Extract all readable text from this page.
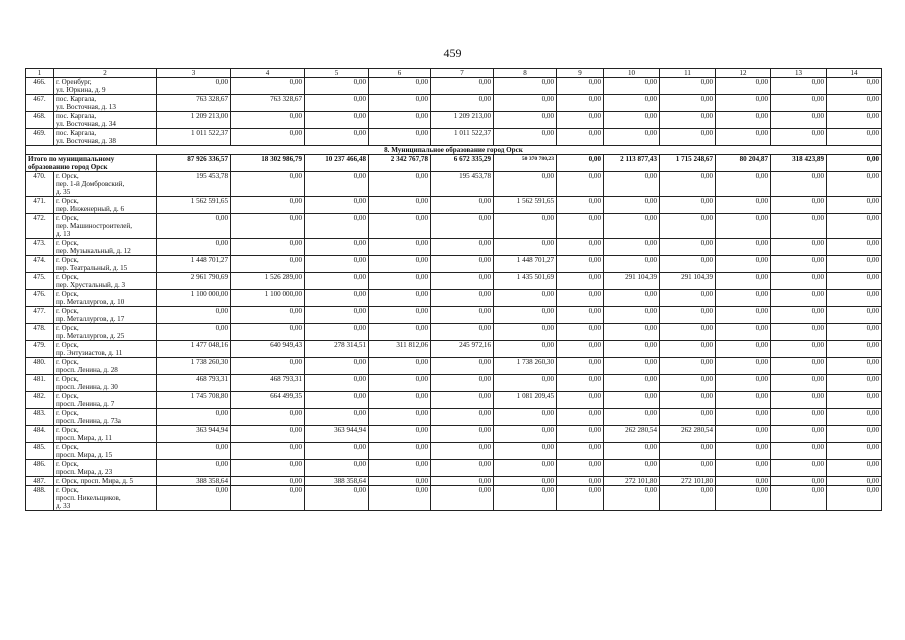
459
1	2	3	4	5	6	7	8	9	10	11	12	13	14
466.	г. Оренбург,
ул. Юркина, д. 9	0,00	0,00	0,00	0,00	0,00	0,00	0,00	0,00	0,00	0,00	0,00	0,00
467.	пос. Каргала,
ул. Восточная, д. 13	763 328,67	763 328,67	0,00	0,00	0,00	0,00	0,00	0,00	0,00	0,00	0,00	0,00
468.	пос. Каргала,
ул. Восточная, д. 34	1 209 213,00	0,00	0,00	0,00	1 209 213,00	0,00	0,00	0,00	0,00	0,00	0,00	0,00
469.	пос. Каргала,
ул. Восточная, д. 38	1 011 522,37	0,00	0,00	0,00	1 011 522,37	0,00	0,00	0,00	0,00	0,00	0,00	0,00
8. Муниципальное образование город Орск													

Итого по муниципальному
образованию город Орск		87 926 336,57	18 302 986,79	10 237 466,48	2 342 767,78	6 672 335,29	50 370 780,23	0,00	2 113 877,43	1 715 248,67	80 204,87	318 423,89	0,00
470.	г. Орск,
пер. 1-й Домбровский,
д. 35	195 453,78	0,00	0,00	0,00	195 453,78	0,00	0,00	0,00	0,00	0,00	0,00	0,00
471.	г. Орск,
пер. Инженерный, д. 6	1 562 591,65	0,00	0,00	0,00	0,00	1 562 591,65	0,00	0,00	0,00	0,00	0,00	0,00
472.	г. Орск,
пер. Машиностроителей,
д. 13	0,00	0,00	0,00	0,00	0,00	0,00	0,00	0,00	0,00	0,00	0,00	0,00
473.	г. Орск,
пер. Музыкальный, д. 12	0,00	0,00	0,00	0,00	0,00	0,00	0,00	0,00	0,00	0,00	0,00	0,00
474.	г. Орск,
пер. Театральный, д. 15	1 448 701,27	0,00	0,00	0,00	0,00	1 448 701,27	0,00	0,00	0,00	0,00	0,00	0,00
475.	г. Орск,
пер. Хрустальный, д. 3	2 961 790,69	1 526 289,00	0,00	0,00	0,00	1 435 501,69	0,00	291 104,39	291 104,39	0,00	0,00	0,00
476.	г. Орск,
пр. Металлургов, д. 10	1 100 000,00	1 100 000,00	0,00	0,00	0,00	0,00	0,00	0,00	0,00	0,00	0,00	0,00
477.	г. Орск,
пр. Металлургов, д. 17	0,00	0,00	0,00	0,00	0,00	0,00	0,00	0,00	0,00	0,00	0,00	0,00
478.	г. Орск,
пр. Металлургов, д. 25	0,00	0,00	0,00	0,00	0,00	0,00	0,00	0,00	0,00	0,00	0,00	0,00
479.	г. Орск,
пр. Энтузиастов, д. 11	1 477 048,16	640 949,43	278 314,51	311 812,06	245 972,16	0,00	0,00	0,00	0,00	0,00	0,00	0,00
480.	г. Орск,
просп. Ленина, д. 28	1 738 260,30	0,00	0,00	0,00	0,00	1 738 260,30	0,00	0,00	0,00	0,00	0,00	0,00
481.	г. Орск,
просп. Ленина, д. 30	468 793,31	468 793,31	0,00	0,00	0,00	0,00	0,00	0,00	0,00	0,00	0,00	0,00
482.	г. Орск,
просп. Ленина, д. 7	1 745 708,80	664 499,35	0,00	0,00	0,00	1 081 209,45	0,00	0,00	0,00	0,00	0,00	0,00
483.	г. Орск,
просп. Ленина, д. 73а	0,00	0,00	0,00	0,00	0,00	0,00	0,00	0,00	0,00	0,00	0,00	0,00
484.	г. Орск,
просп. Мира, д. 11	363 944,94	0,00	363 944,94	0,00	0,00	0,00	0,00	262 280,54	262 280,54	0,00	0,00	0,00
485.	г. Орск,
просп. Мира, д. 15	0,00	0,00	0,00	0,00	0,00	0,00	0,00	0,00	0,00	0,00	0,00	0,00
486.	г. Орск,
просп. Мира, д. 23	0,00	0,00	0,00	0,00	0,00	0,00	0,00	0,00	0,00	0,00	0,00	0,00
487.	г. Орск, просп. Мира, д. 5	388 358,64	0,00	388 358,64	0,00	0,00	0,00	0,00	272 101,80	272 101,80	0,00	0,00	0,00
488.	г. Орск,
просп. Никельщиков,
д. 33	0,00	0,00	0,00	0,00	0,00	0,00	0,00	0,00	0,00	0,00	0,00	0,00
